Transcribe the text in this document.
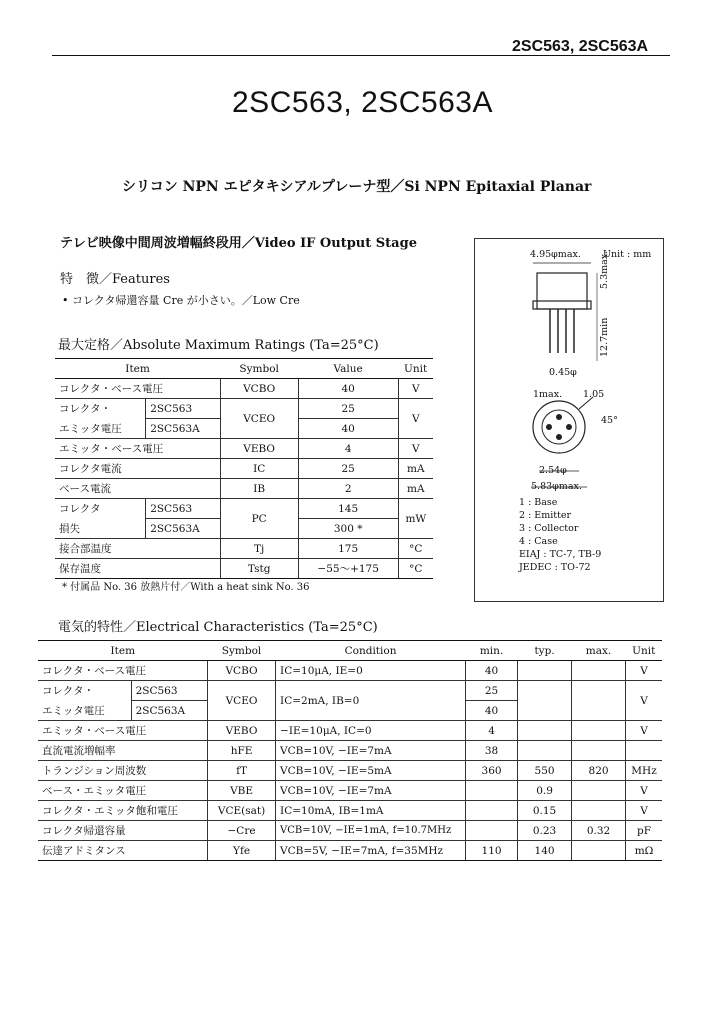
2SC563, 2SC563A
2SC563, 2SC563A
シリコン NPN エピタキシアルプレーナ型／Si NPN Epitaxial Planar
テレビ映像中間周波増幅終段用／Video IF Output Stage
特　徴／Features
• コレクタ帰還容量 Cre が小さい。／Low Cre
最大定格／Absolute Maximum Ratings (Ta=25°C)
Item		Symbol	Value	Unit
コレクタ・ベース電圧		VCBO	40	V
コレクタ・	2SC563	VCEO	25	V
エミッタ電圧	2SC563A		40	
エミッタ・ベース電圧		VEBO	4	V
コレクタ電流		IC	25	mA
ベース電流		IB	2	mA
コレクタ	2SC563	PC	145	mW
損失	2SC563A		300 *	
接合部温度		Tj	175	°C
保存温度		Tstg	−55～+175	°C
* 付属品 No. 36 放熱片付／With a heat sink No. 36
4.95φmax. Unit : mm
5.3max.
12.7min
0.45φ
1max. 1.05
45°
2.54φ
5.83φmax.
1 : Base
2 : Emitter
3 : Collector
4 : Case
EIAJ : TC-7, TB-9
JEDEC : TO-72
電気的特性／Electrical Characteristics (Ta=25°C)
Item		Symbol	Condition	min.	typ.	max.	Unit
コレクタ・ベース電圧		VCBO	IC=10μA, IE=0	40			V
コレクタ・	2SC563	VCEO	IC=2mA, IB=0	25			V
エミッタ電圧	2SC563A			40			
エミッタ・ベース電圧		VEBO	−IE=10μA, IC=0	4			V
直流電流増幅率		hFE	VCB=10V, −IE=7mA	38			
トランジション周波数		fT	VCB=10V, −IE=5mA	360	550	820	MHz
ベース・エミッタ電圧		VBE	VCB=10V, −IE=7mA		0.9		V
コレクタ・エミッタ飽和電圧		VCE(sat)	IC=10mA, IB=1mA		0.15		V
コレクタ帰還容量		−Cre	VCB=10V, −IE=1mA, f=10.7MHz		0.23	0.32	pF
伝達アドミタンス		Yfe	VCB=5V, −IE=7mA, f=35MHz	110	140		mΩ
